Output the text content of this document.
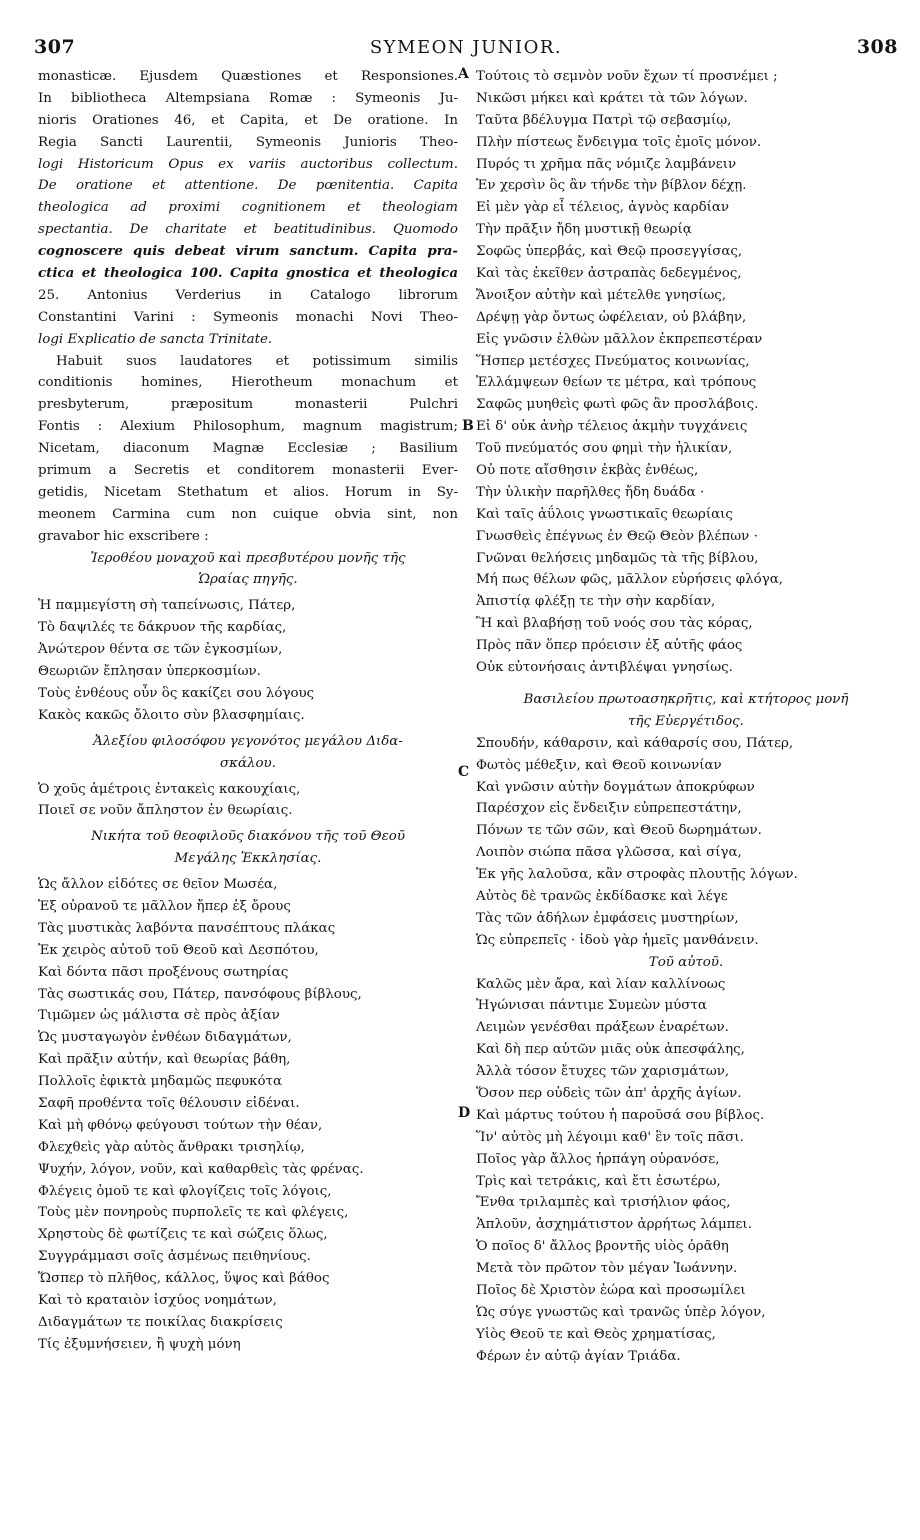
307	SYMEON JUNIOR.	308
A
B
C
D
monasticæ. Ejusdem Quæstiones et Responsiones.
In bibliotheca Altempsiana Romæ : Symeonis Ju-
nioris Orationes 46, et Capita, et De oratione. In
Regia Sancti Laurentii, Symeonis Junioris Theo-
logi Historicum Opus ex variis auctoribus collectum.
De oratione et attentione. De pœnitentia. Capita
theologica ad proximi cognitionem et theologiam
spectantia. De charitate et beatitudinibus. Quomodo
cognoscere quis debeat virum sanctum. Capita pra-
ctica et theologica 100. Capita gnostica et theologica
25. Antonius Verderius in Catalogo librorum
Constantini Varini : Symeonis monachi Novi Theo-
logi Explicatio de sancta Trinitate.
Habuit suos laudatores et potissimum similis
conditionis homines, Hierotheum monachum et
presbyterum, præpositum monasterii Pulchri
Fontis : Alexium Philosophum, magnum magistrum;
Nicetam, diaconum Magnæ Ecclesiæ ; Basilium
primum a Secretis et conditorem monasterii Ever-
getidis, Nicetam Stethatum et alios. Horum in Sy-
meonem Carmina cum non cuique obvia sint, non
gravabor hic exscribere :
Ἱεροθέου μοναχοῦ καὶ πρεσβυτέρου μονῆς τῆς
Ὡραίας πηγῆς.
Ἡ παμμεγίστη σὴ ταπείνωσις, Πάτερ,
Τὸ δαψιλές τε δάκρυον τῆς καρδίας,
Ἀνώτερον θέντα σε τῶν ἐγκοσμίων,
Θεωριῶν ἔπλησαν ὑπερκοσμίων.
Τοὺς ἐνθέους οὖν ὃς κακίζει σου λόγους
Κακὸς κακῶς ὄλοιτο σὺν βλασφημίαις.
Ἀλεξίου φιλοσόφου γεγονότος μεγάλου Διδα-
σκάλου.
Ὁ χοῦς ἀμέτροις ἐντακεὶς κακουχίαις,
Ποιεῖ σε νοῦν ἄπληστον ἐν θεωρίαις.
Νικήτα τοῦ θεοφιλοῦς διακόνου τῆς τοῦ Θεοῦ
Μεγάλης Ἐκκλησίας.
Ὡς ἄλλον εἰδότες σε θεῖον Μωσέα,
Ἐξ οὐρανοῦ τε μᾶλλον ἤπερ ἐξ ὄρους
Τὰς μυστικὰς λαβόντα πανσέπτους πλάκας
Ἐκ χειρὸς αὐτοῦ τοῦ Θεοῦ καὶ Δεσπότου,
Καὶ δόντα πᾶσι προξένους σωτηρίας
Τὰς σωστικάς σου, Πάτερ, πανσόφους βίβλους,
Τιμῶμεν ὡς μάλιστα σὲ πρὸς ἀξίαν
Ὡς μυσταγωγὸν ἐνθέων διδαγμάτων,
Καὶ πρᾶξιν αὐτήν, καὶ θεωρίας βάθη,
Πολλοῖς ἐφικτὰ μηδαμῶς πεφυκότα
Σαφῆ προθέντα τοῖς θέλουσιν εἰδέναι.
Καὶ μὴ φθόνῳ φεύγουσι τούτων τὴν θέαν,
Φλεχθεὶς γὰρ αὐτὸς ἄνθρακι τρισηλίῳ,
Ψυχήν, λόγον, νοῦν, καὶ καθαρθεὶς τὰς φρένας.
Φλέγεις ὁμοῦ τε καὶ φλογίζεις τοῖς λόγοις,
Τοὺς μὲν πονηροὺς πυρπολεῖς τε καὶ φλέγεις,
Χρηστοὺς δὲ φωτίζεις τε καὶ σώζεις ὅλως,
Συγγράμμασι σοῖς ἀσμένως πειθηνίους.
Ὥσπερ τὸ πλῆθος, κάλλος, ὕψος καὶ βάθος
Καὶ τὸ κραταιὸν ἰσχύος νοημάτων,
Διδαγμάτων τε ποικίλας διακρίσεις
Τίς ἐξυμνήσειεν, ἢ ψυχὴ μόνη
Τούτοις τὸ σεμνὸν νοῦν ἔχων τί προσνέμει ;
Νικῶσι μήκει καὶ κράτει τὰ τῶν λόγων.
Ταῦτα βδέλυγμα Πατρὶ τῷ σεβασμίῳ,
Πλὴν πίστεως ἔνδειγμα τοῖς ἐμοῖς μόνον.
Πυρός τι χρῆμα πᾶς νόμιζε λαμβάνειν
Ἐν χερσὶν ὃς ἂν τήνδε τὴν βίβλον δέχῃ.
Εἰ μὲν γὰρ εἶ τέλειος, ἁγνὸς καρδίαν
Τὴν πρᾶξιν ἤδη μυστικῇ θεωρίᾳ
Σοφῶς ὑπερβάς, καὶ Θεῷ προσεγγίσας,
Καὶ τὰς ἐκεῖθεν ἀστραπὰς δεδεγμένος,
Ἄνοιξον αὐτὴν καὶ μέτελθε γνησίως,
Δρέψῃ γὰρ ὄντως ὠφέλειαν, οὐ βλάβην,
Εἰς γνῶσιν ἐλθὼν μᾶλλον ἐκπρεπεστέραν
Ἥσπερ μετέσχες Πνεύματος κοινωνίας,
Ἐλλάμψεων θείων τε μέτρα, καὶ τρόπους
Σαφῶς μυηθεὶς φωτὶ φῶς ἂν προσλάβοις.
Εἰ δ' οὐκ ἀνὴρ τέλειος ἀκμὴν τυγχάνεις
Τοῦ πνεύματός σου φημὶ τὴν ἡλικίαν,
Οὐ ποτε αἴσθησιν ἐκβὰς ἐνθέως,
Τὴν ὑλικὴν παρῆλθες ἤδη δυάδα ·
Καὶ ταῖς ἀΰλοις γνωστικαῖς θεωρίαις
Γνωσθεὶς ἐπέγνως ἐν Θεῷ Θεὸν βλέπων ·
Γνῶναι θελήσεις μηδαμῶς τὰ τῆς βίβλου,
Μή πως θέλων φῶς, μᾶλλον εὑρήσεις φλόγα,
Ἀπιστίᾳ φλέξῃ τε τὴν σὴν καρδίαν,
Ἢ καὶ βλαβήσῃ τοῦ νοός σου τὰς κόρας,
Πρὸς πᾶν ὅπερ πρόεισιν ἐξ αὐτῆς φάος
Οὐκ εὐτονήσαις ἀντιβλέψαι γνησίως.
Βασιλείου πρωτοασηκρῆτις, καὶ κτήτορος μονῆ
τῆς Εὐεργέτιδος.
Σπουδήν, κάθαρσιν, καὶ κάθαρσίς σου, Πάτερ,
Φωτὸς μέθεξιν, καὶ Θεοῦ κοινωνίαν
Καὶ γνῶσιν αὐτὴν δογμάτων ἀποκρύφων
Παρέσχον εἰς ἔνδειξιν εὐπρεπεστάτην,
Πόνων τε τῶν σῶν, καὶ Θεοῦ δωρημάτων.
Λοιπὸν σιώπα πᾶσα γλῶσσα, καὶ σίγα,
Ἐκ γῆς λαλοῦσα, κἂν στροφὰς πλουτῇς λόγων.
Αὐτὸς δὲ τρανῶς ἐκδίδασκε καὶ λέγε
Τὰς τῶν ἀδήλων ἐμφάσεις μυστηρίων,
Ὡς εὐπρεπεῖς · ἰδοὺ γὰρ ἡμεῖς μανθάνειν.
Τοῦ αὐτοῦ.
Καλῶς μὲν ἄρα, καὶ λίαν καλλίνοως
Ἠγώνισαι πάντιμε Συμεὼν μύστα
Λειμὼν γενέσθαι πράξεων ἐναρέτων.
Καὶ δὴ περ αὐτῶν μιᾶς οὐκ ἀπεσφάλης,
Ἀλλὰ τόσον ἔτυχες τῶν χαρισμάτων,
Ὅσον περ οὐδεὶς τῶν ἀπ' ἀρχῆς ἁγίων.
Καὶ μάρτυς τούτου ἡ παροῦσά σου βίβλος.
Ἵν' αὐτὸς μὴ λέγοιμι καθ' ἓν τοῖς πᾶσι.
Ποῖος γὰρ ἄλλος ἡρπάγη οὐρανόσε,
Τρὶς καὶ τετράκις, καὶ ἔτι ἐσωτέρω,
Ἔνθα τριλαμπὲς καὶ τρισήλιον φάος,
Ἁπλοῦν, ἀσχημάτιστον ἀρρήτως λάμπει.
Ὁ ποῖος δ' ἄλλος βροντῆς υἱὸς ὁρᾶθη
Μετὰ τὸν πρῶτον τὸν μέγαν Ἰωάννην.
Ποῖος δὲ Χριστὸν ἑώρα καὶ προσωμίλει
Ὡς σύγε γνωστῶς καὶ τρανῶς ὑπὲρ λόγον,
Υἱὸς Θεοῦ τε καὶ Θεὸς χρηματίσας,
Φέρων ἐν αὐτῷ ἁγίαν Τριάδα.
